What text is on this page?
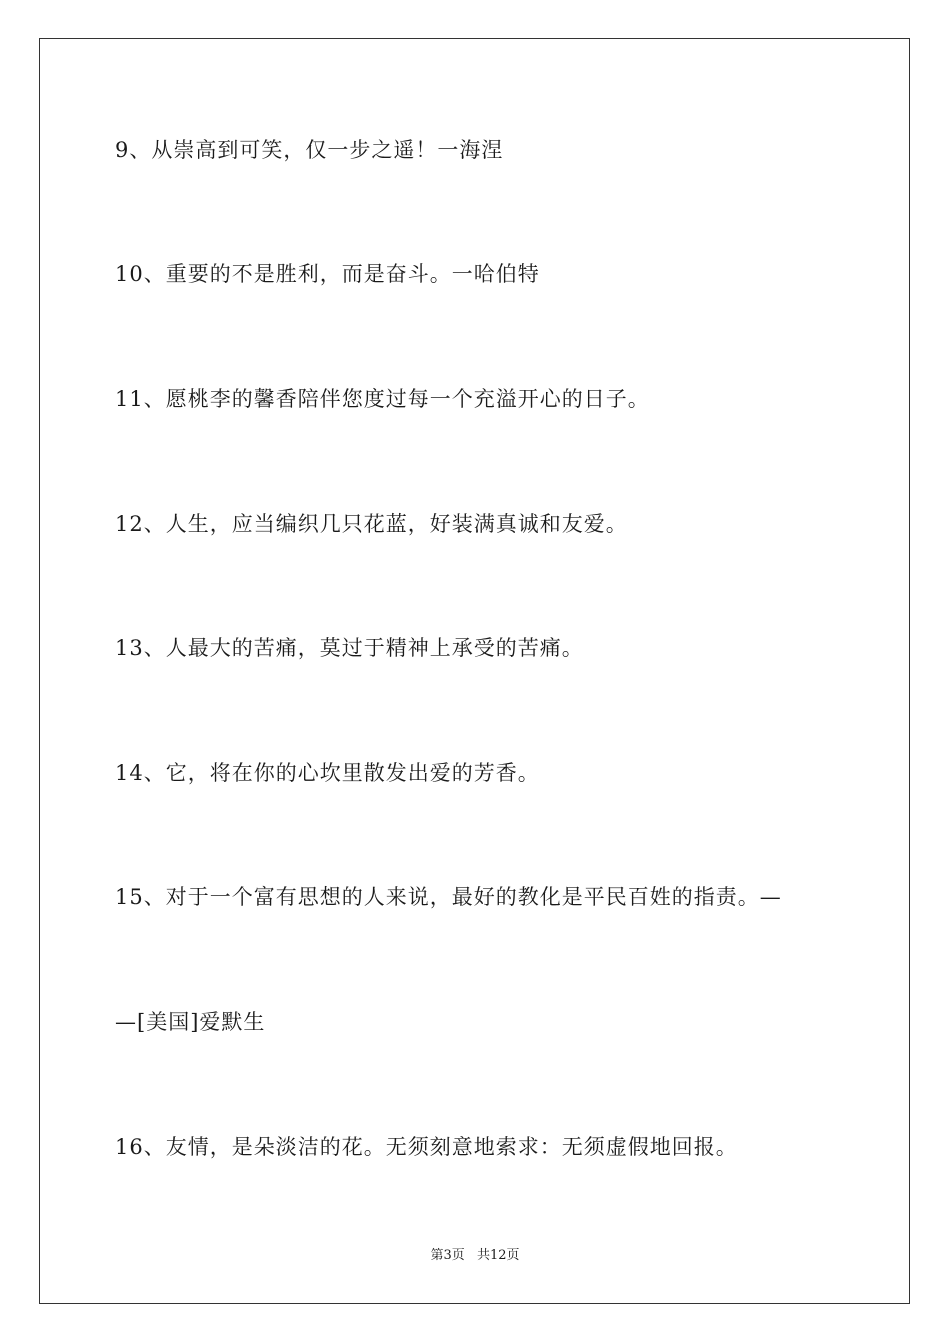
9、从崇高到可笑，仅一步之遥！一海涅
10、重要的不是胜利，而是奋斗。一哈伯特
11、愿桃李的馨香陪伴您度过每一个充溢开心的日子。
12、人生，应当编织几只花蓝，好装满真诚和友爱。
13、人最大的苦痛，莫过于精神上承受的苦痛。
14、它，将在你的心坎里散发出爱的芳香。
15、对于一个富有思想的人来说，最好的教化是平民百姓的指责。—
—[美国]爱默生
16、友情，是朵淡洁的花。无须刻意地索求：无须虚假地回报。
第3页 共12页
